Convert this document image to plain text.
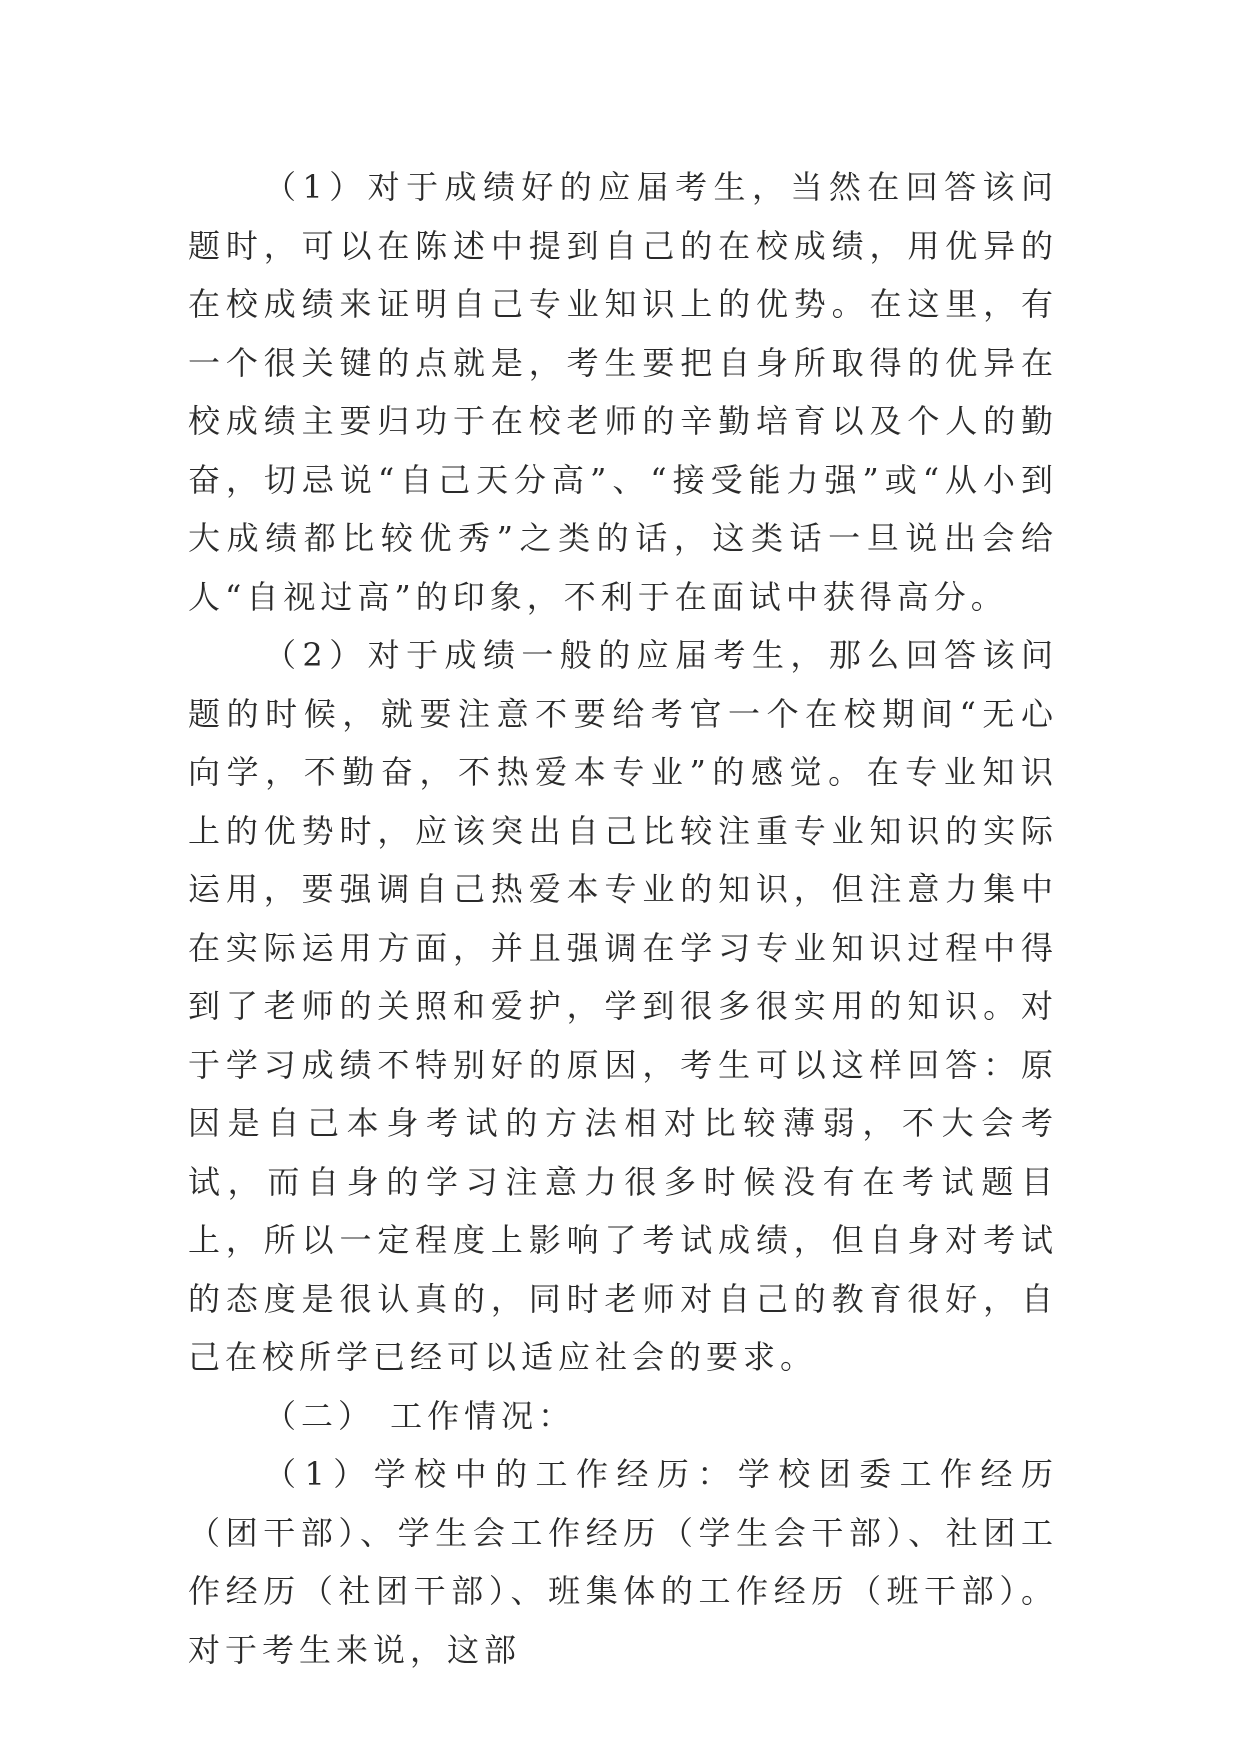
（1）对于成绩好的应届考生，当然在回答该问题时，可以在陈述中提到自己的在校成绩，用优异的在校成绩来证明自己专业知识上的优势。在这里，有一个很关键的点就是，考生要把自身所取得的优异在校成绩主要归功于在校老师的辛勤培育以及个人的勤奋，切忌说“自己天分高”、“接受能力强”或“从小到大成绩都比较优秀”之类的话，这类话一旦说出会给人“自视过高”的印象，不利于在面试中获得高分。

（2）对于成绩一般的应届考生，那么回答该问题的时候，就要注意不要给考官一个在校期间“无心向学，不勤奋，不热爱本专业”的感觉。在专业知识上的优势时，应该突出自己比较注重专业知识的实际运用，要强调自己热爱本专业的知识，但注意力集中在实际运用方面，并且强调在学习专业知识过程中得到了老师的关照和爱护，学到很多很实用的知识。对于学习成绩不特别好的原因，考生可以这样回答：原因是自己本身考试的方法相对比较薄弱，不大会考试，而自身的学习注意力很多时候没有在考试题目上，所以一定程度上影响了考试成绩，但自身对考试的态度是很认真的，同时老师对自己的教育很好，自己在校所学已经可以适应社会的要求。

（二） 工作情况：

（1）学校中的工作经历：学校团委工作经历（团干部）、学生会工作经历（学生会干部）、社团工作经历（社团干部）、班集体的工作经历（班干部）。对于考生来说，这部
